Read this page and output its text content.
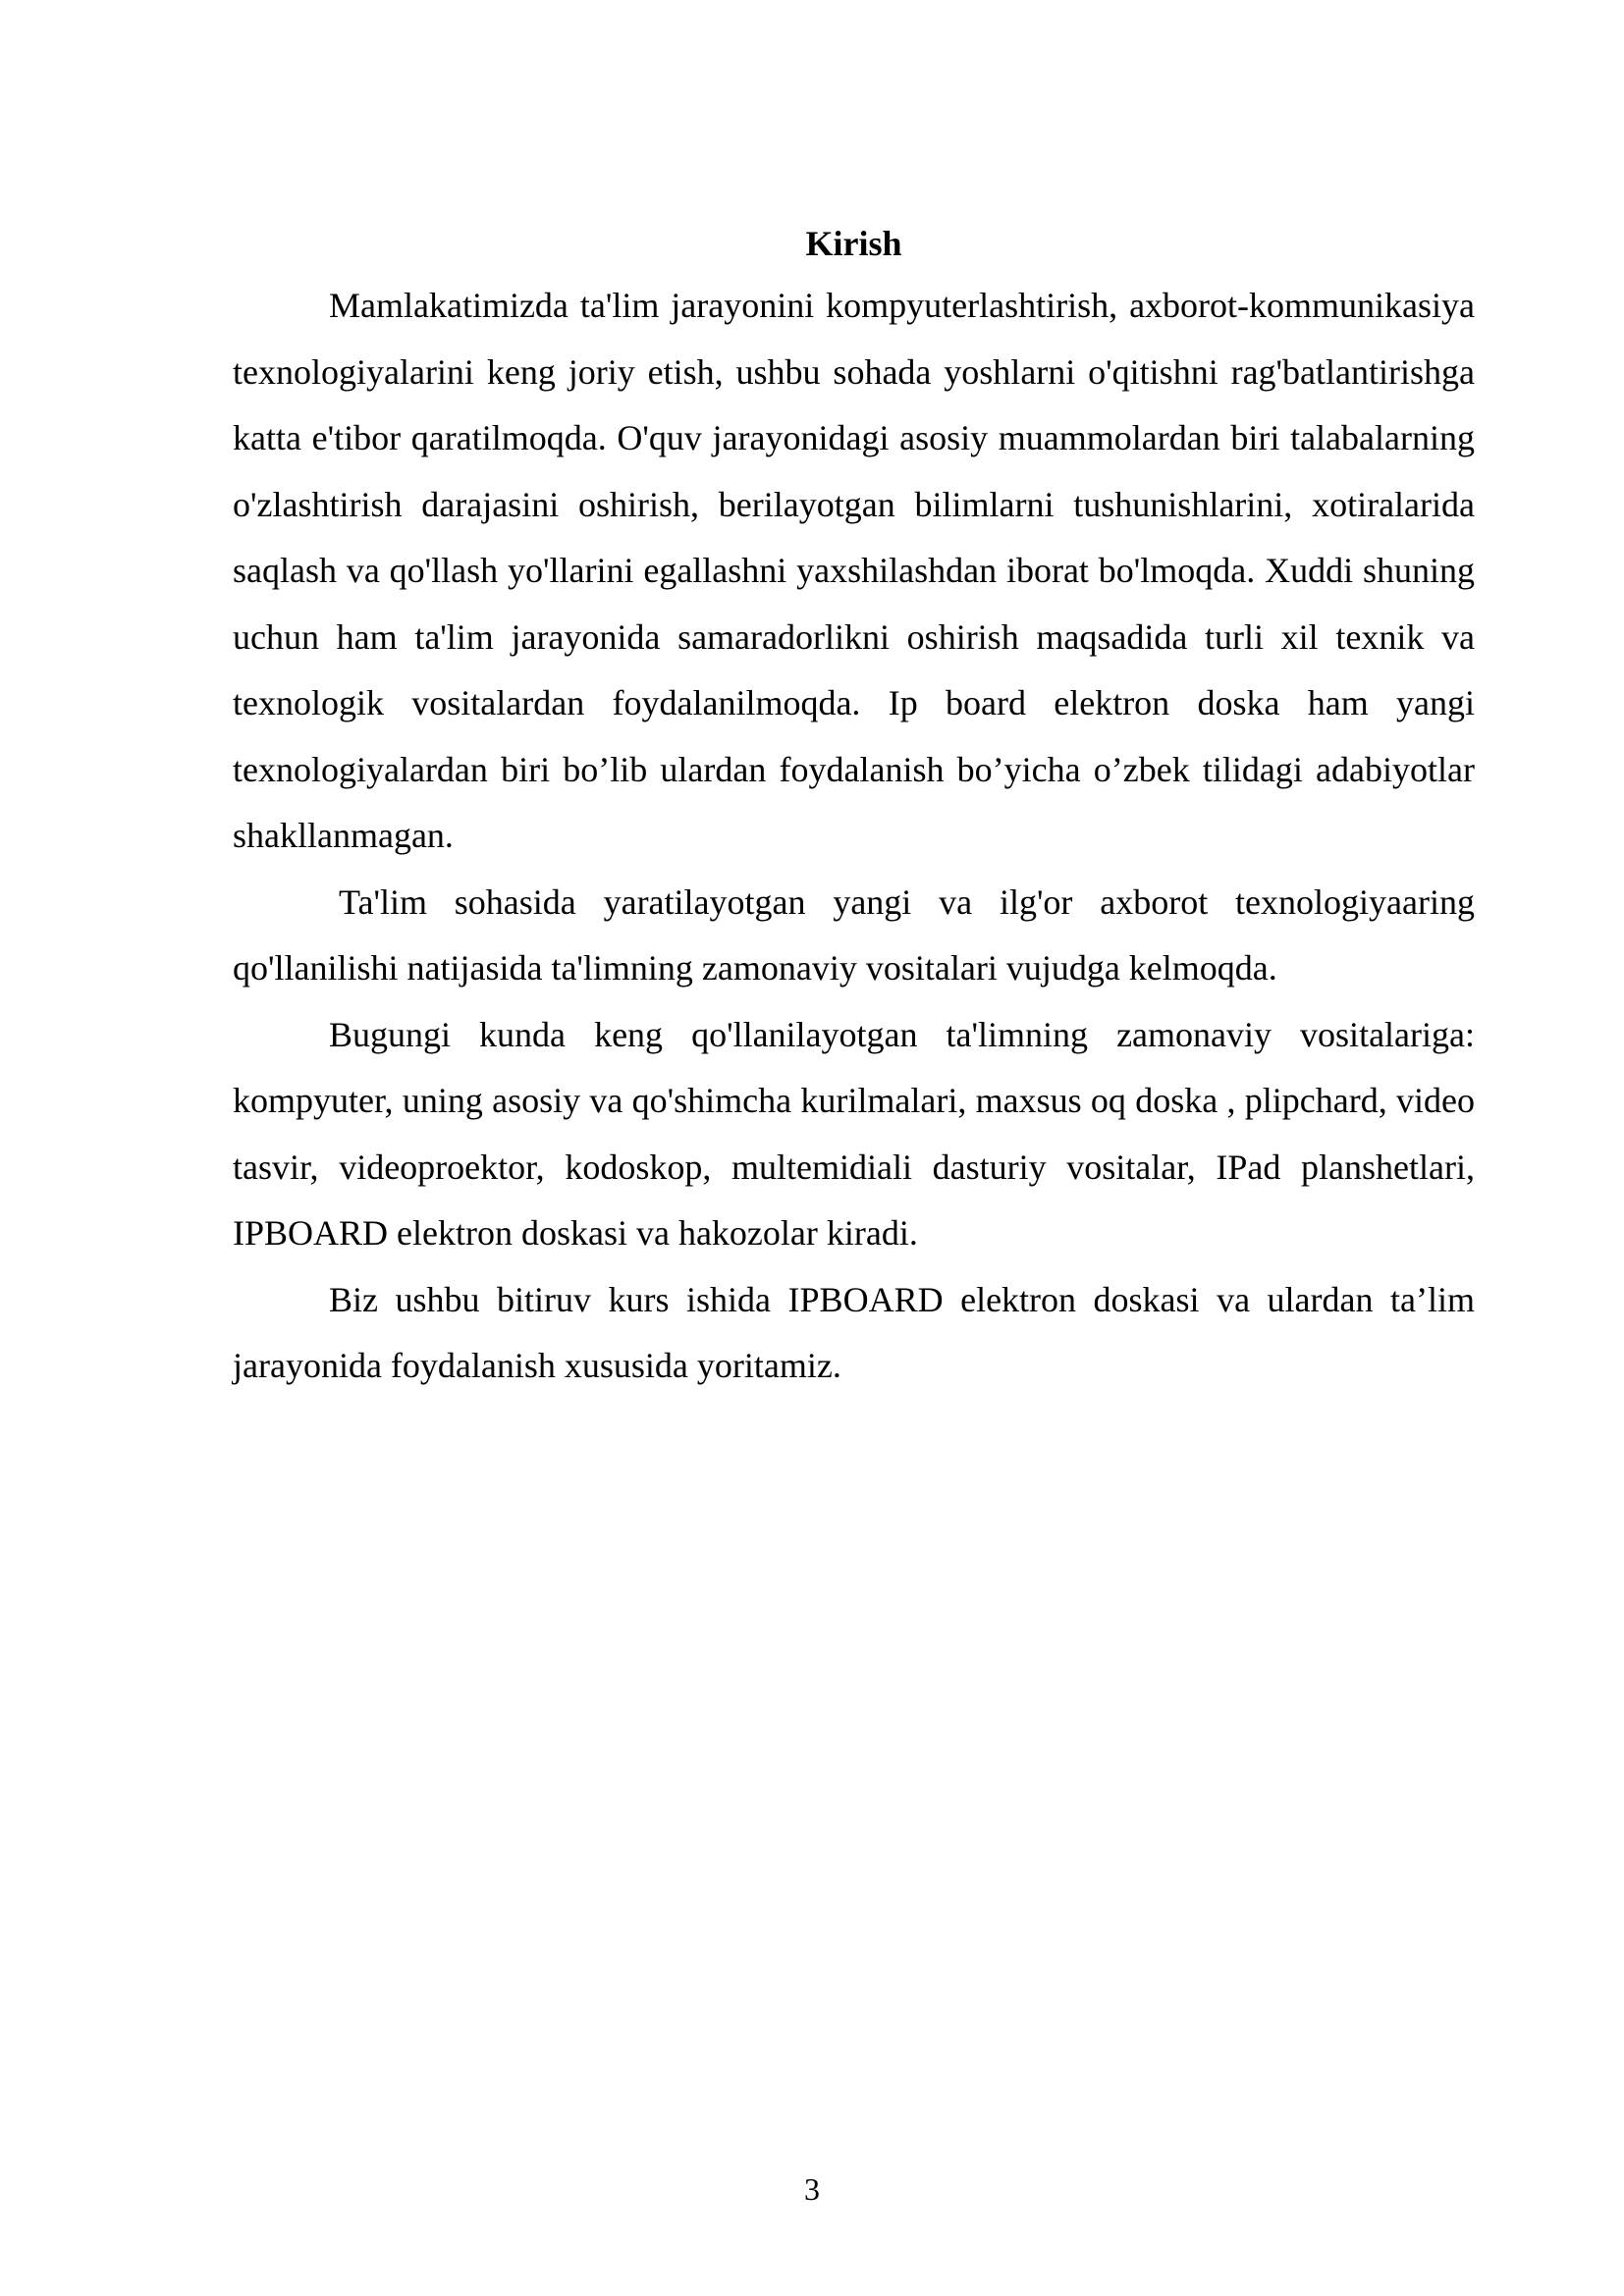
Kirish

Mamlakatimizda ta'lim jarayonini kompyuterlashtirish, axborot-kommunikasiya texnologiyalarini keng joriy etish, ushbu sohada yoshlarni o'qitishni rag'batlantirishga katta e'tibor qaratilmoqda. O'quv jarayonidagi asosiy muammolardan biri talabalarning o'zlashtirish darajasini oshirish, berilayotgan bilimlarni tushunishlarini, xotiralarida saqlash va qo'llash yo'llarini egallashni yaxshilashdan iborat bo'lmoqda. Xuddi shuning uchun ham ta'lim jarayonida samaradorlikni oshirish maqsadida turli xil texnik va texnologik vositalardan foydalanilmoqda. Ip board elektron doska ham yangi texnologiyalardan biri bo’lib ulardan foydalanish bo’yicha o’zbek tilidagi adabiyotlar shakllanmagan.

Ta'lim sohasida yaratilayotgan yangi va ilg'or axborot texnologiyaaring qo'llanilishi natijasida ta'limning zamonaviy vositalari vujudga kelmoqda.

Bugungi kunda keng qo'llanilayotgan ta'limning zamonaviy vositalariga: kompyuter, uning asosiy va qo'shimcha kurilmalari, maxsus oq doska , plipchard, video tasvir, videoproektor, kodoskop, multemidiali dasturiy vositalar, IPad planshetlari, IPBOARD elektron doskasi va hakozolar kiradi.

Biz ushbu bitiruv kurs ishida IPBOARD elektron doskasi va ulardan ta’lim jarayonida foydalanish xususida yoritamiz.

3
